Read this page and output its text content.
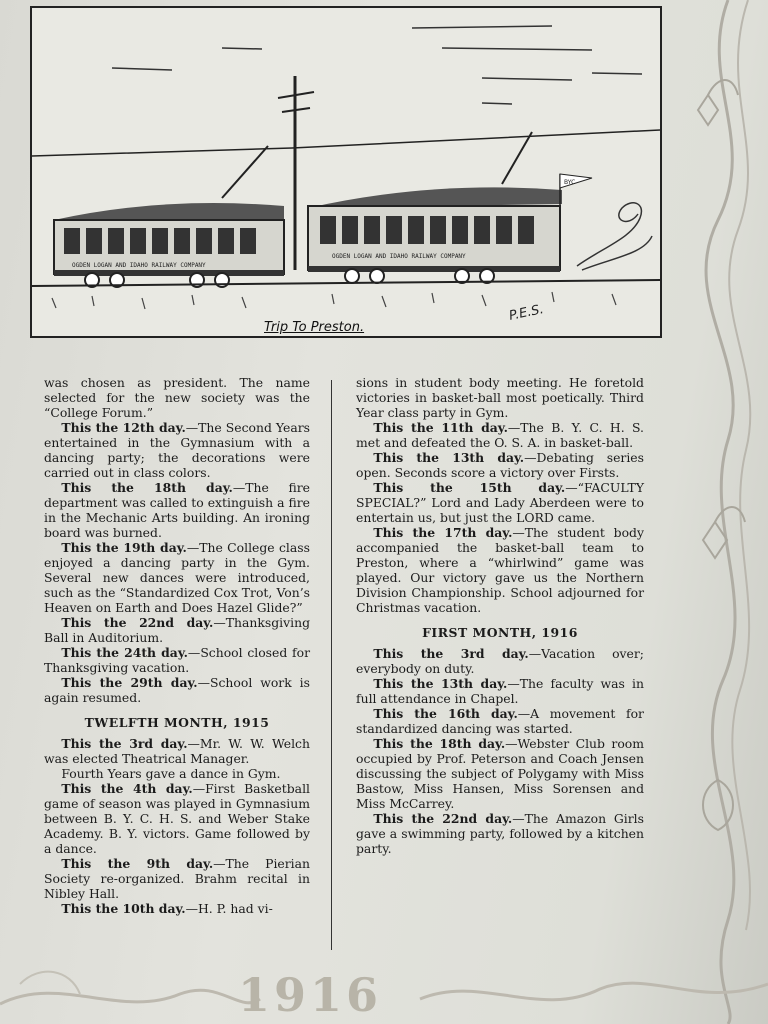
1916
OGDEN LOGAN AND IDAHO RAILWAY COMPANY
OGDEN LOGAN AND IDAHO RAILWAY COMPANY
BYC
P.E.S.
Trip To Preston.

was chosen as president. The name selected for the new society was the “College Forum.”

This the 12th day.—The Second Years entertained in the Gymnasium with a dancing party; the decorations were carried out in class colors.

This the 18th day.—The fire department was called to extinguish a fire in the Mechanic Arts building. An ironing board was burned.

This the 19th day.—The College class enjoyed a dancing party in the Gym. Several new dances were introduced, such as the “Standardized Cox Trot, Von’s Heaven on Earth and Does Hazel Glide?”

This the 22nd day.—Thanksgiving Ball in Auditorium.

This the 24th day.—School closed for Thanksgiving vacation.

This the 29th day.—School work is again resumed.

TWELFTH MONTH, 1915

This the 3rd day.—Mr. W. W. Welch was elected Theatrical Manager.

Fourth Years gave a dance in Gym.

This the 4th day.—First Basketball game of season was played in Gymnasium between B. Y. C. H. S. and Weber Stake Academy. B. Y. victors. Game followed by a dance.

This the 9th day.—The Pierian Society re-organized. Brahm recital in Nibley Hall.

This the 10th day.—H. P. had vi-

sions in student body meeting. He foretold victories in basket-ball most poetically. Third Year class party in Gym.

This the 11th day.—The B. Y. C. H. S. met and defeated the O. S. A. in basket-ball.

This the 13th day.—Debating series open. Seconds score a victory over Firsts.

This the 15th day.—“FACULTY SPECIAL?” Lord and Lady Aberdeen were to entertain us, but just the LORD came.

This the 17th day.—The student body accompanied the basket-ball team to Preston, where a “whirlwind” game was played. Our victory gave us the Northern Division Championship. School adjourned for Christmas vacation.

FIRST MONTH, 1916

This the 3rd day.—Vacation over; everybody on duty.

This the 13th day.—The faculty was in full attendance in Chapel.

This the 16th day.—A movement for standardized dancing was started.

This the 18th day.—Webster Club room occupied by Prof. Peterson and Coach Jensen discussing the subject of Polygamy with Miss Bastow, Miss Hansen, Miss Sorensen and Miss McCarrey.

This the 22nd day.—The Amazon Girls gave a swimming party, followed by a kitchen party.
